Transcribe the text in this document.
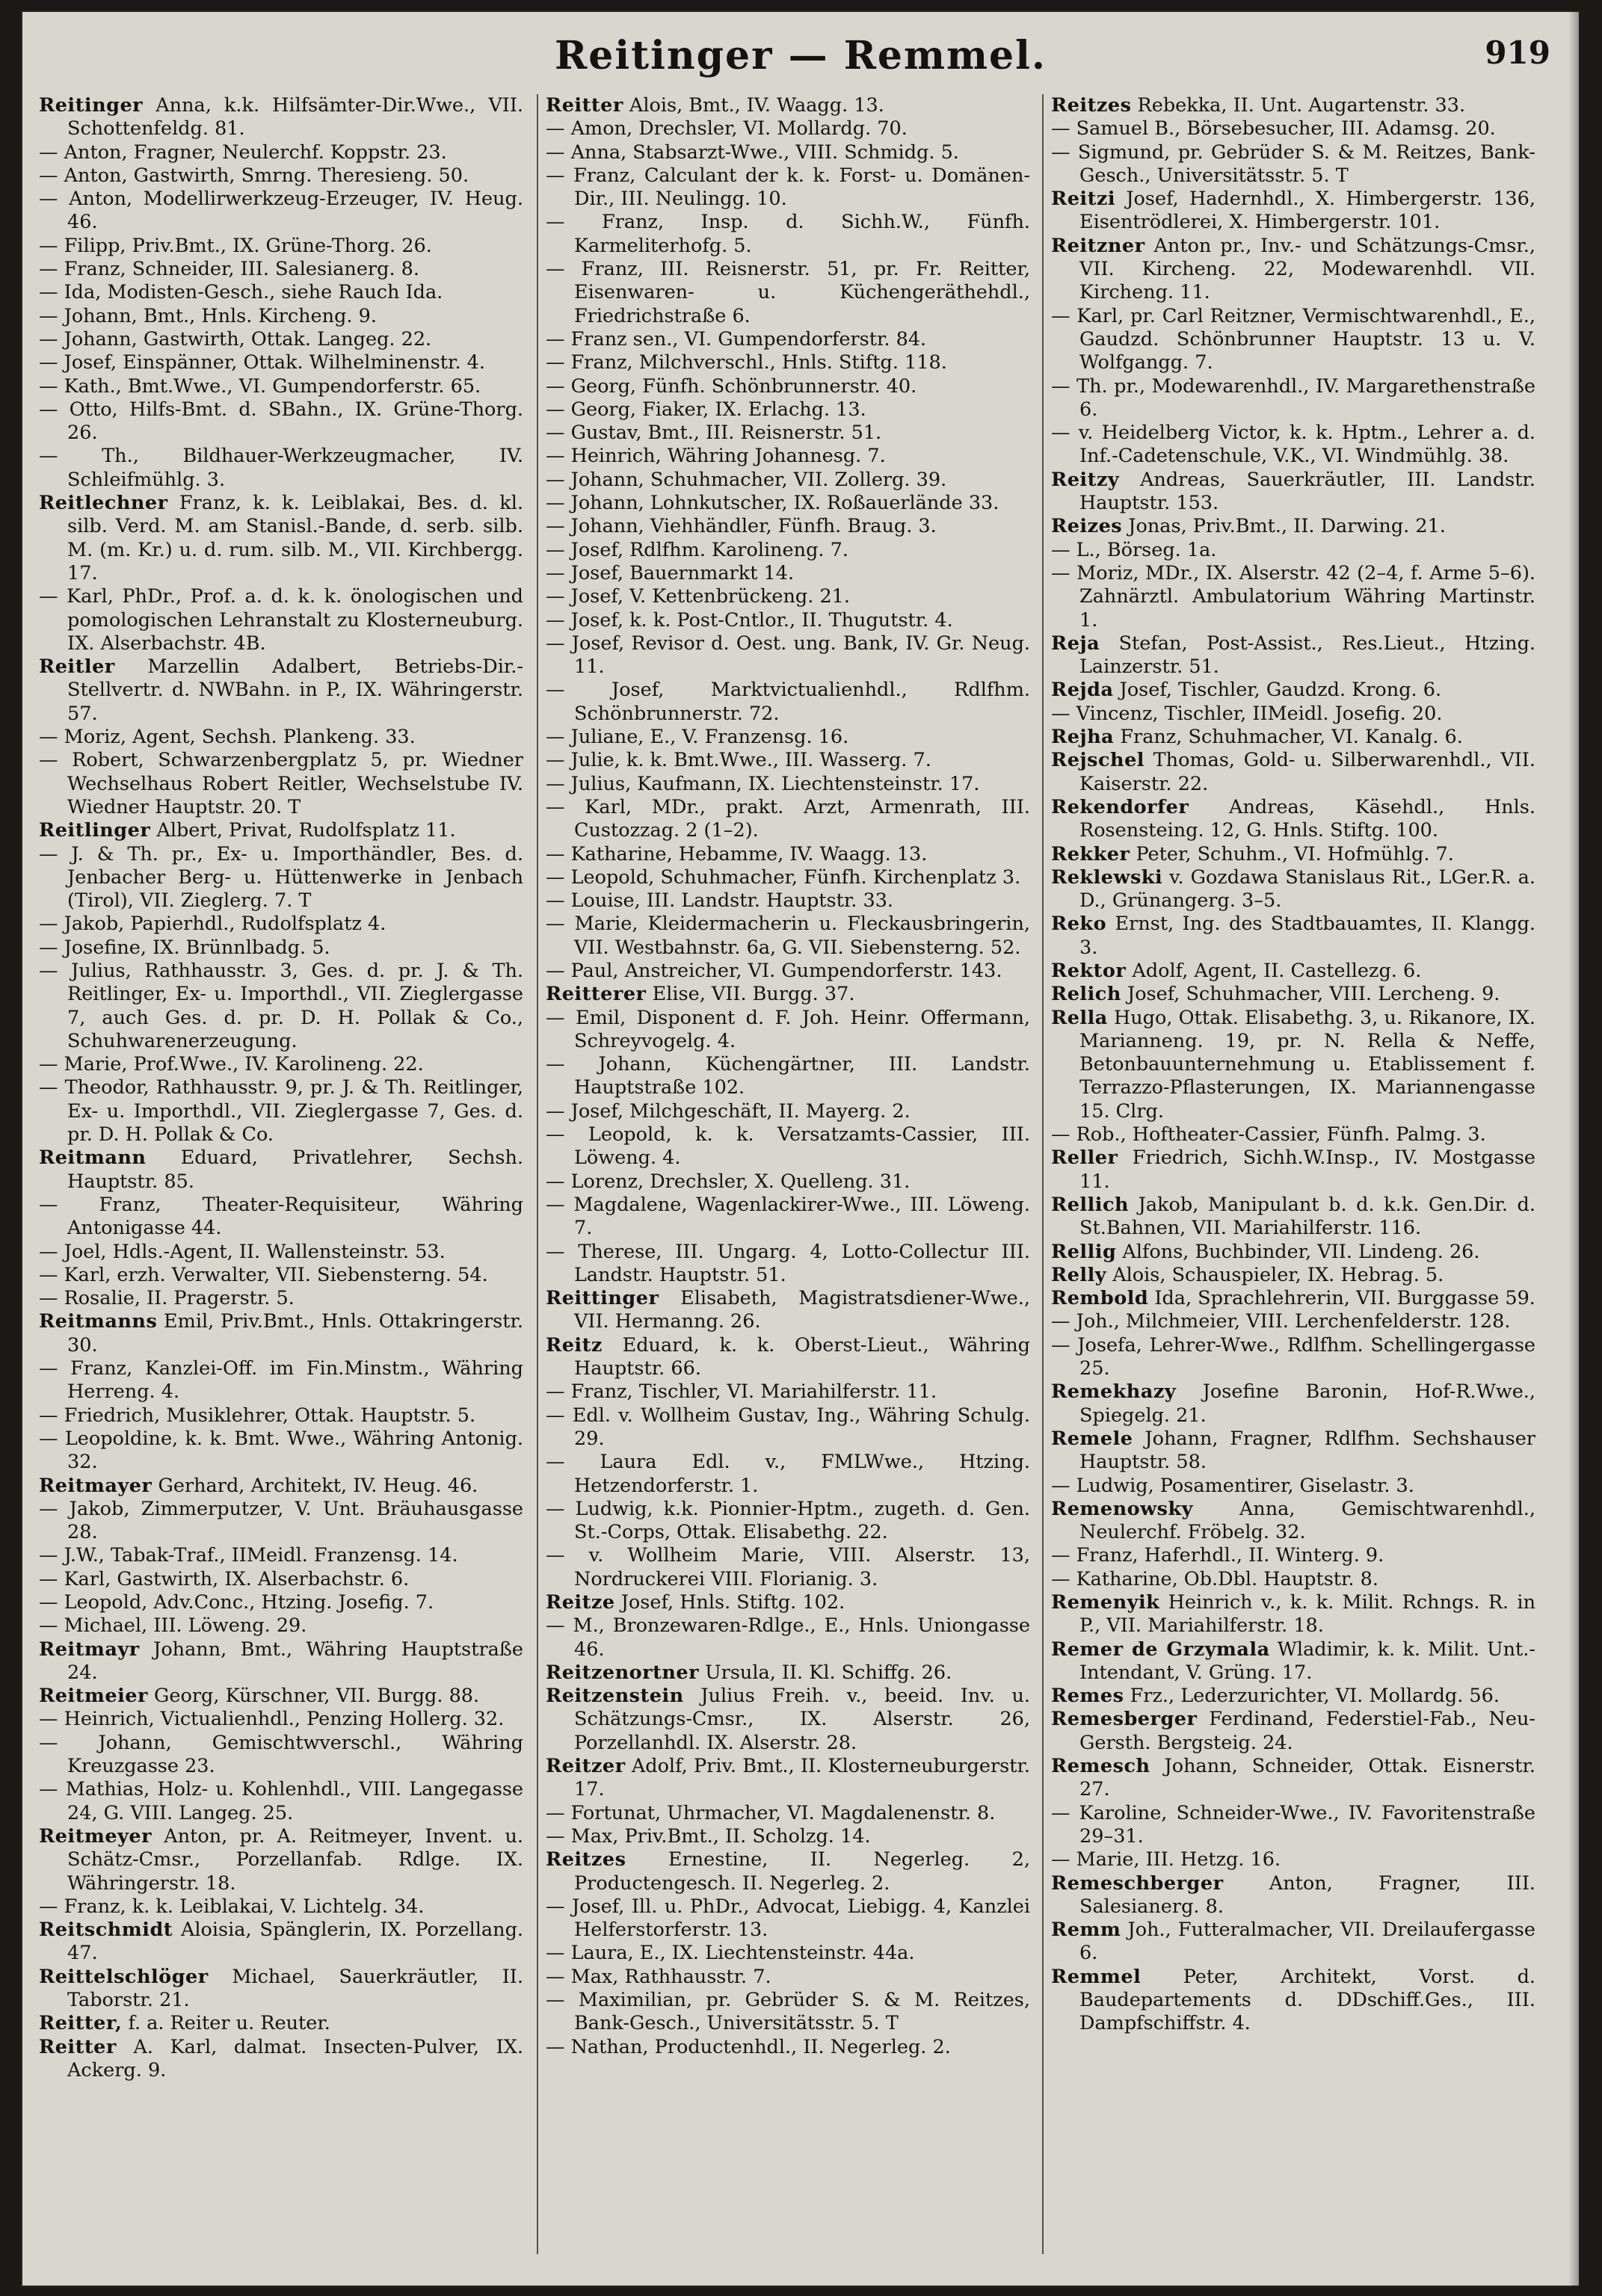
Reitinger — Remmel.	919
Reitinger Anna, k.k. Hilfsämter-Dir.Wwe., VII. Schottenfeldg. 81.
— Anton, Fragner, Neulerchf. Koppstr. 23.
— Anton, Gastwirth, Smrng. Theresieng. 50.
— Anton, Modellirwerkzeug-Erzeuger, IV. Heug. 46.
— Filipp, Priv.Bmt., IX. Grüne-Thorg. 26.
— Franz, Schneider, III. Salesianerg. 8.
— Ida, Modisten-Gesch., siehe Rauch Ida.
— Johann, Bmt., Hnls. Kircheng. 9.
— Johann, Gastwirth, Ottak. Langeg. 22.
— Josef, Einspänner, Ottak. Wilhelminenstr. 4.
— Kath., Bmt.Wwe., VI. Gumpendorferstr. 65.
— Otto, Hilfs-Bmt. d. SBahn., IX. Grüne-Thorg. 26.
— Th., Bildhauer-Werkzeugmacher, IV. Schleifmühlg. 3.
Reitlechner Franz, k. k. Leiblakai, Bes. d. kl. silb. Verd. M. am Stanisl.-Bande, d. serb. silb. M. (m. Kr.) u. d. rum. silb. M., VII. Kirchbergg. 17.
— Karl, PhDr., Prof. a. d. k. k. önologischen und pomologischen Lehranstalt zu Klosterneuburg. IX. Alserbachstr. 4B.
Reitler Marzellin Adalbert, Betriebs-Dir.-Stellvertr. d. NWBahn. in P., IX. Währingerstr. 57.
— Moriz, Agent, Sechsh. Plankeng. 33.
— Robert, Schwarzenbergplatz 5, pr. Wiedner Wechselhaus Robert Reitler, Wechselstube IV. Wiedner Hauptstr. 20. T
Reitlinger Albert, Privat, Rudolfsplatz 11.
— J. & Th. pr., Ex- u. Importhändler, Bes. d. Jenbacher Berg- u. Hüttenwerke in Jenbach (Tirol), VII. Zieglerg. 7. T
— Jakob, Papierhdl., Rudolfsplatz 4.
— Josefine, IX. Brünnlbadg. 5.
— Julius, Rathhausstr. 3, Ges. d. pr. J. & Th. Reitlinger, Ex- u. Importhdl., VII. Zieglergasse 7, auch Ges. d. pr. D. H. Pollak & Co., Schuhwarenerzeugung.
— Marie, Prof.Wwe., IV. Karolineng. 22.
— Theodor, Rathhausstr. 9, pr. J. & Th. Reitlinger, Ex- u. Importhdl., VII. Zieglergasse 7, Ges. d. pr. D. H. Pollak & Co.
Reitmann Eduard, Privatlehrer, Sechsh. Hauptstr. 85.
— Franz, Theater-Requisiteur, Währing Antonigasse 44.
— Joel, Hdls.-Agent, II. Wallensteinstr. 53.
— Karl, erzh. Verwalter, VII. Siebensterng. 54.
— Rosalie, II. Pragerstr. 5.
Reitmanns Emil, Priv.Bmt., Hnls. Ottakringerstr. 30.
— Franz, Kanzlei-Off. im Fin.Minstm., Währing Herreng. 4.
— Friedrich, Musiklehrer, Ottak. Hauptstr. 5.
— Leopoldine, k. k. Bmt. Wwe., Währing Antonig. 32.
Reitmayer Gerhard, Architekt, IV. Heug. 46.
— Jakob, Zimmerputzer, V. Unt. Bräuhausgasse 28.
— J.W., Tabak-Traf., IIMeidl. Franzensg. 14.
— Karl, Gastwirth, IX. Alserbachstr. 6.
— Leopold, Adv.Conc., Htzing. Josefig. 7.
— Michael, III. Löweng. 29.
Reitmayr Johann, Bmt., Währing Hauptstraße 24.
Reitmeier Georg, Kürschner, VII. Burgg. 88.
— Heinrich, Victualienhdl., Penzing Hollerg. 32.
— Johann, Gemischtwverschl., Währing Kreuzgasse 23.
— Mathias, Holz- u. Kohlenhdl., VIII. Langegasse 24, G. VIII. Langeg. 25.
Reitmeyer Anton, pr. A. Reitmeyer, Invent. u. Schätz-Cmsr., Porzellanfab. Rdlge. IX. Währingerstr. 18.
— Franz, k. k. Leiblakai, V. Lichtelg. 34.
Reitschmidt Aloisia, Spänglerin, IX. Porzellang. 47.
Reittelschlöger Michael, Sauerkräutler, II. Taborstr. 21.
Reitter, f. a. Reiter u. Reuter.
Reitter A. Karl, dalmat. Insecten-Pulver, IX. Ackerg. 9.
Reitter Alois, Bmt., IV. Waagg. 13.
— Amon, Drechsler, VI. Mollardg. 70.
— Anna, Stabsarzt-Wwe., VIII. Schmidg. 5.
— Franz, Calculant der k. k. Forst- u. Domänen-Dir., III. Neulingg. 10.
— Franz, Insp. d. Sichh.W., Fünfh. Karmeliterhofg. 5.
— Franz, III. Reisnerstr. 51, pr. Fr. Reitter, Eisenwaren- u. Küchengeräthehdl., Friedrichstraße 6.
— Franz sen., VI. Gumpendorferstr. 84.
— Franz, Milchverschl., Hnls. Stiftg. 118.
— Georg, Fünfh. Schönbrunnerstr. 40.
— Georg, Fiaker, IX. Erlachg. 13.
— Gustav, Bmt., III. Reisnerstr. 51.
— Heinrich, Währing Johannesg. 7.
— Johann, Schuhmacher, VII. Zollerg. 39.
— Johann, Lohnkutscher, IX. Roßauerlände 33.
— Johann, Viehhändler, Fünfh. Braug. 3.
— Josef, Rdlfhm. Karolineng. 7.
— Josef, Bauernmarkt 14.
— Josef, V. Kettenbrückeng. 21.
— Josef, k. k. Post-Cntlor., II. Thugutstr. 4.
— Josef, Revisor d. Oest. ung. Bank, IV. Gr. Neug. 11.
— Josef, Marktvictualienhdl., Rdlfhm. Schönbrunnerstr. 72.
— Juliane, E., V. Franzensg. 16.
— Julie, k. k. Bmt.Wwe., III. Wasserg. 7.
— Julius, Kaufmann, IX. Liechtensteinstr. 17.
— Karl, MDr., prakt. Arzt, Armenrath, III. Custozzag. 2 (1–2).
— Katharine, Hebamme, IV. Waagg. 13.
— Leopold, Schuhmacher, Fünfh. Kirchenplatz 3.
— Louise, III. Landstr. Hauptstr. 33.
— Marie, Kleidermacherin u. Fleckausbringerin, VII. Westbahnstr. 6a, G. VII. Siebensterng. 52.
— Paul, Anstreicher, VI. Gumpendorferstr. 143.
Reitterer Elise, VII. Burgg. 37.
— Emil, Disponent d. F. Joh. Heinr. Offermann, Schreyvogelg. 4.
— Johann, Küchengärtner, III. Landstr. Hauptstraße 102.
— Josef, Milchgeschäft, II. Mayerg. 2.
— Leopold, k. k. Versatzamts-Cassier, III. Löweng. 4.
— Lorenz, Drechsler, X. Quelleng. 31.
— Magdalene, Wagenlackirer-Wwe., III. Löweng. 7.
— Therese, III. Ungarg. 4, Lotto-Collectur III. Landstr. Hauptstr. 51.
Reittinger Elisabeth, Magistratsdiener-Wwe., VII. Hermanng. 26.
Reitz Eduard, k. k. Oberst-Lieut., Währing Hauptstr. 66.
— Franz, Tischler, VI. Mariahilferstr. 11.
— Edl. v. Wollheim Gustav, Ing., Währing Schulg. 29.
— Laura Edl. v., FMLWwe., Htzing. Hetzendorferstr. 1.
— Ludwig, k.k. Pionnier-Hptm., zugeth. d. Gen. St.-Corps, Ottak. Elisabethg. 22.
— v. Wollheim Marie, VIII. Alserstr. 13, Nordruckerei VIII. Florianig. 3.
Reitze Josef, Hnls. Stiftg. 102.
— M., Bronzewaren-Rdlge., E., Hnls. Uniongasse 46.
Reitzenortner Ursula, II. Kl. Schiffg. 26.
Reitzenstein Julius Freih. v., beeid. Inv. u. Schätzungs-Cmsr., IX. Alserstr. 26, Porzellanhdl. IX. Alserstr. 28.
Reitzer Adolf, Priv. Bmt., II. Klosterneuburgerstr. 17.
— Fortunat, Uhrmacher, VI. Magdalenenstr. 8.
— Max, Priv.Bmt., II. Scholzg. 14.
Reitzes Ernestine, II. Negerleg. 2, Productengesch. II. Negerleg. 2.
— Josef, Ill. u. PhDr., Advocat, Liebigg. 4, Kanzlei Helferstorferstr. 13.
— Laura, E., IX. Liechtensteinstr. 44a.
— Max, Rathhausstr. 7.
— Maximilian, pr. Gebrüder S. & M. Reitzes, Bank-Gesch., Universitätsstr. 5. T
— Nathan, Productenhdl., II. Negerleg. 2.
Reitzes Rebekka, II. Unt. Augartenstr. 33.
— Samuel B., Börsebesucher, III. Adamsg. 20.
— Sigmund, pr. Gebrüder S. & M. Reitzes, Bank-Gesch., Universitätsstr. 5. T
Reitzi Josef, Hadernhdl., X. Himbergerstr. 136, Eisentrödlerei, X. Himbergerstr. 101.
Reitzner Anton pr., Inv.- und Schätzungs-Cmsr., VII. Kircheng. 22, Modewarenhdl. VII. Kircheng. 11.
— Karl, pr. Carl Reitzner, Vermischtwarenhdl., E., Gaudzd. Schönbrunner Hauptstr. 13 u. V. Wolfgangg. 7.
— Th. pr., Modewarenhdl., IV. Margarethenstraße 6.
— v. Heidelberg Victor, k. k. Hptm., Lehrer a. d. Inf.-Cadetenschule, V.K., VI. Windmühlg. 38.
Reitzy Andreas, Sauerkräutler, III. Landstr. Hauptstr. 153.
Reizes Jonas, Priv.Bmt., II. Darwing. 21.
— L., Börseg. 1a.
— Moriz, MDr., IX. Alserstr. 42 (2–4, f. Arme 5–6). Zahnärztl. Ambulatorium Währing Martinstr. 1.
Reja Stefan, Post-Assist., Res.Lieut., Htzing. Lainzerstr. 51.
Rejda Josef, Tischler, Gaudzd. Krong. 6.
— Vincenz, Tischler, IIMeidl. Josefig. 20.
Rejha Franz, Schuhmacher, VI. Kanalg. 6.
Rejschel Thomas, Gold- u. Silberwarenhdl., VII. Kaiserstr. 22.
Rekendorfer Andreas, Käsehdl., Hnls. Rosensteing. 12, G. Hnls. Stiftg. 100.
Rekker Peter, Schuhm., VI. Hofmühlg. 7.
Reklewski v. Gozdawa Stanislaus Rit., LGer.R. a. D., Grünangerg. 3–5.
Reko Ernst, Ing. des Stadtbauamtes, II. Klangg. 3.
Rektor Adolf, Agent, II. Castellezg. 6.
Relich Josef, Schuhmacher, VIII. Lercheng. 9.
Rella Hugo, Ottak. Elisabethg. 3, u. Rikanore, IX. Marianneng. 19, pr. N. Rella & Neffe, Betonbauunternehmung u. Etablissement f. Terrazzo-Pflasterungen, IX. Mariannengasse 15. Clrg.
— Rob., Hoftheater-Cassier, Fünfh. Palmg. 3.
Reller Friedrich, Sichh.W.Insp., IV. Mostgasse 11.
Rellich Jakob, Manipulant b. d. k.k. Gen.Dir. d. St.Bahnen, VII. Mariahilferstr. 116.
Rellig Alfons, Buchbinder, VII. Lindeng. 26.
Relly Alois, Schauspieler, IX. Hebrag. 5.
Rembold Ida, Sprachlehrerin, VII. Burggasse 59.
— Joh., Milchmeier, VIII. Lerchenfelderstr. 128.
— Josefa, Lehrer-Wwe., Rdlfhm. Schellingergasse 25.
Remekhazy Josefine Baronin, Hof-R.Wwe., Spiegelg. 21.
Remele Johann, Fragner, Rdlfhm. Sechshauser Hauptstr. 58.
— Ludwig, Posamentirer, Giselastr. 3.
Remenowsky Anna, Gemischtwarenhdl., Neulerchf. Fröbelg. 32.
— Franz, Haferhdl., II. Winterg. 9.
— Katharine, Ob.Dbl. Hauptstr. 8.
Remenyik Heinrich v., k. k. Milit. Rchngs. R. in P., VII. Mariahilferstr. 18.
Remer de Grzymala Wladimir, k. k. Milit. Unt.-Intendant, V. Grüng. 17.
Remes Frz., Lederzurichter, VI. Mollardg. 56.
Remesberger Ferdinand, Federstiel-Fab., Neu-Gersth. Bergsteig. 24.
Remesch Johann, Schneider, Ottak. Eisnerstr. 27.
— Karoline, Schneider-Wwe., IV. Favoritenstraße 29–31.
— Marie, III. Hetzg. 16.
Remeschberger Anton, Fragner, III. Salesianerg. 8.
Remm Joh., Futteralmacher, VII. Dreilaufergasse 6.
Remmel Peter, Architekt, Vorst. d. Baudepartements d. DDschiff.Ges., III. Dampfschiffstr. 4.
